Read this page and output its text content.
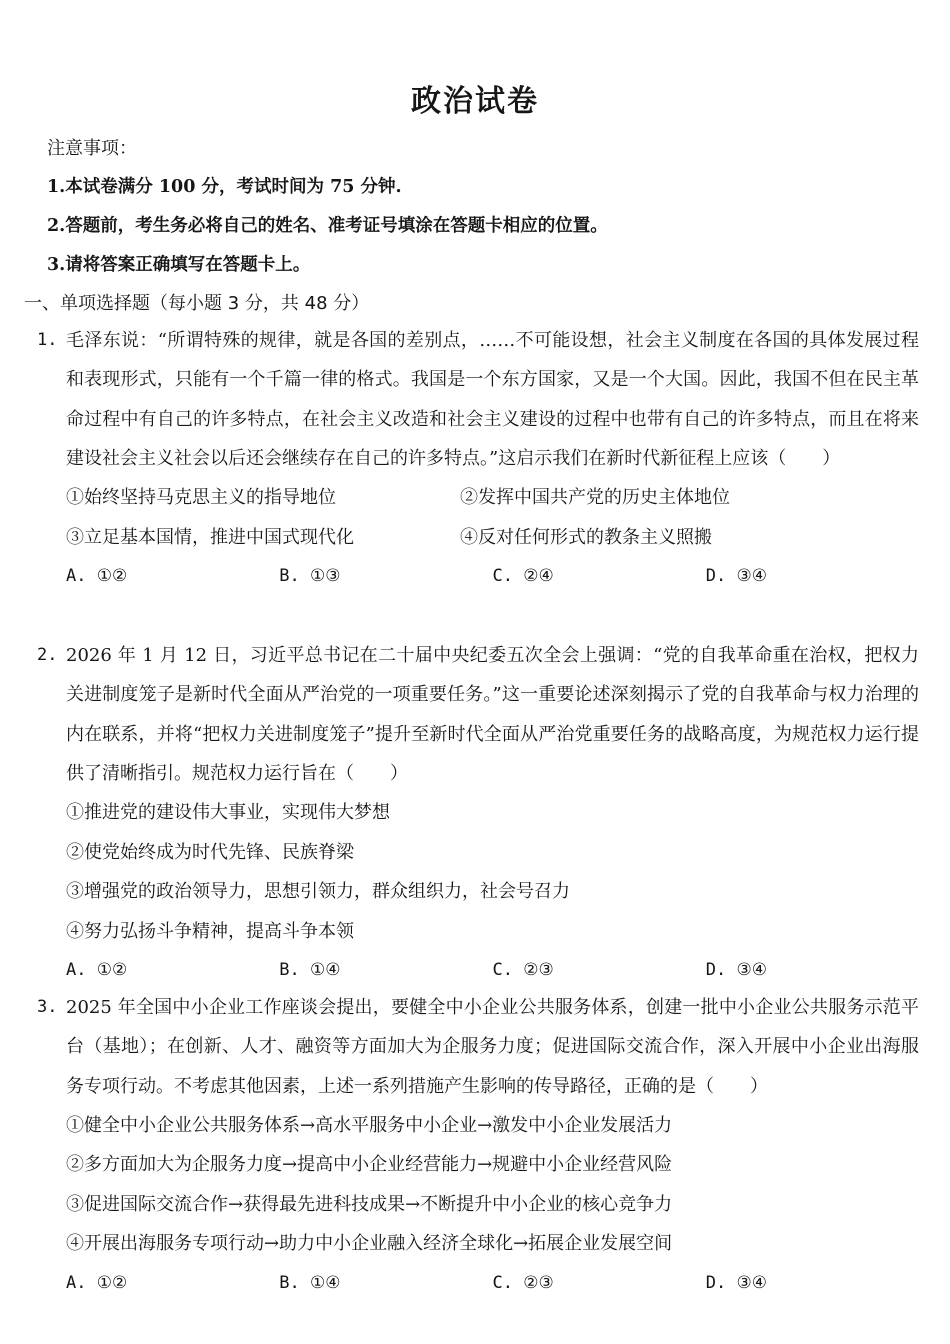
政治试卷
注意事项：
1.本试卷满分 100 分，考试时间为 75 分钟.
2.答题前，考生务必将自己的姓名、准考证号填涂在答题卡相应的位置。
3.请将答案正确填写在答题卡上。
一、单项选择题（每小题 3 分，共 48 分）

1. 毛泽东说：“所谓特殊的规律，就是各国的差别点，……不可能设想，社会主义制度在各国的具体发展过程和表现形式，只能有一个千篇一律的格式。我国是一个东方国家，又是一个大国。因此，我国不但在民主革命过程中有自己的许多特点，在社会主义改造和社会主义建设的过程中也带有自己的许多特点，而且在将来建设社会主义社会以后还会继续存在自己的许多特点。”这启示我们在新时代新征程上应该（　　）

①始终坚持马克思主义的指导地位	②发挥中国共产党的历史主体地位
③立足基本国情，推进中国式现代化	④反对任何形式的教条主义照搬
A. ①②	B. ①③	C. ②④	D. ③④

2. 2026 年 1 月 12 日，习近平总书记在二十届中央纪委五次全会上强调：“党的自我革命重在治权，把权力关进制度笼子是新时代全面从严治党的一项重要任务。”这一重要论述深刻揭示了党的自我革命与权力治理的内在联系，并将“把权力关进制度笼子”提升至新时代全面从严治党重要任务的战略高度，为规范权力运行提供了清晰指引。规范权力运行旨在（　　）

①推进党的建设伟大事业，实现伟大梦想

②使党始终成为时代先锋、民族脊梁

③增强党的政治领导力，思想引领力，群众组织力，社会号召力

④努力弘扬斗争精神，提高斗争本领

A. ①②	B. ①④	C. ②③	D. ③④

3. 2025 年全国中小企业工作座谈会提出，要健全中小企业公共服务体系，创建一批中小企业公共服务示范平台（基地）；在创新、人才、融资等方面加大为企服务力度；促进国际交流合作，深入开展中小企业出海服务专项行动。不考虑其他因素，上述一系列措施产生影响的传导路径，正确的是（　　）

①健全中小企业公共服务体系→高水平服务中小企业→激发中小企业发展活力

②多方面加大为企服务力度→提高中小企业经营能力→规避中小企业经营风险

③促进国际交流合作→获得最先进科技成果→不断提升中小企业的核心竞争力

④开展出海服务专项行动→助力中小企业融入经济全球化→拓展企业发展空间

A. ①②	B. ①④	C. ②③	D. ③④
